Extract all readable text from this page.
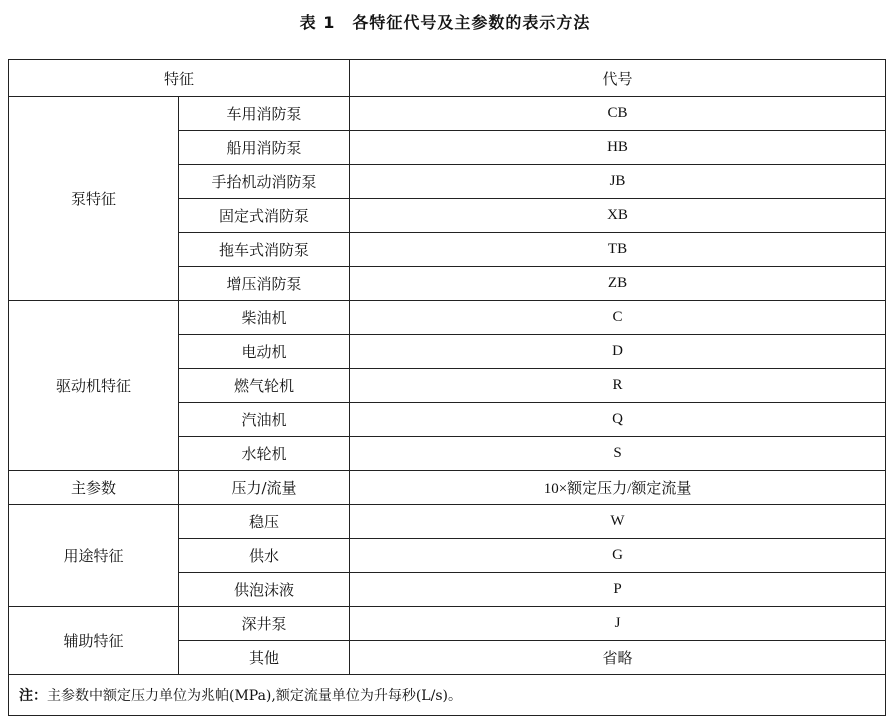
表 1　各特征代号及主参数的表示方法
特征		代号
泵特征	车用消防泵	CB
	船用消防泵	HB
	手抬机动消防泵	JB
	固定式消防泵	XB
	拖车式消防泵	TB
	增压消防泵	ZB
驱动机特征	柴油机	C
	电动机	D
	燃气轮机	R
	汽油机	Q
	水轮机	S
主参数	压力/流量	10×额定压力/额定流量
用途特征	稳压	W
	供水	G
	供泡沫液	P
辅助特征	深井泵	J
	其他	省略
注：主参数中额定压力单位为兆帕(MPa),额定流量单位为升每秒(L/s)。		
